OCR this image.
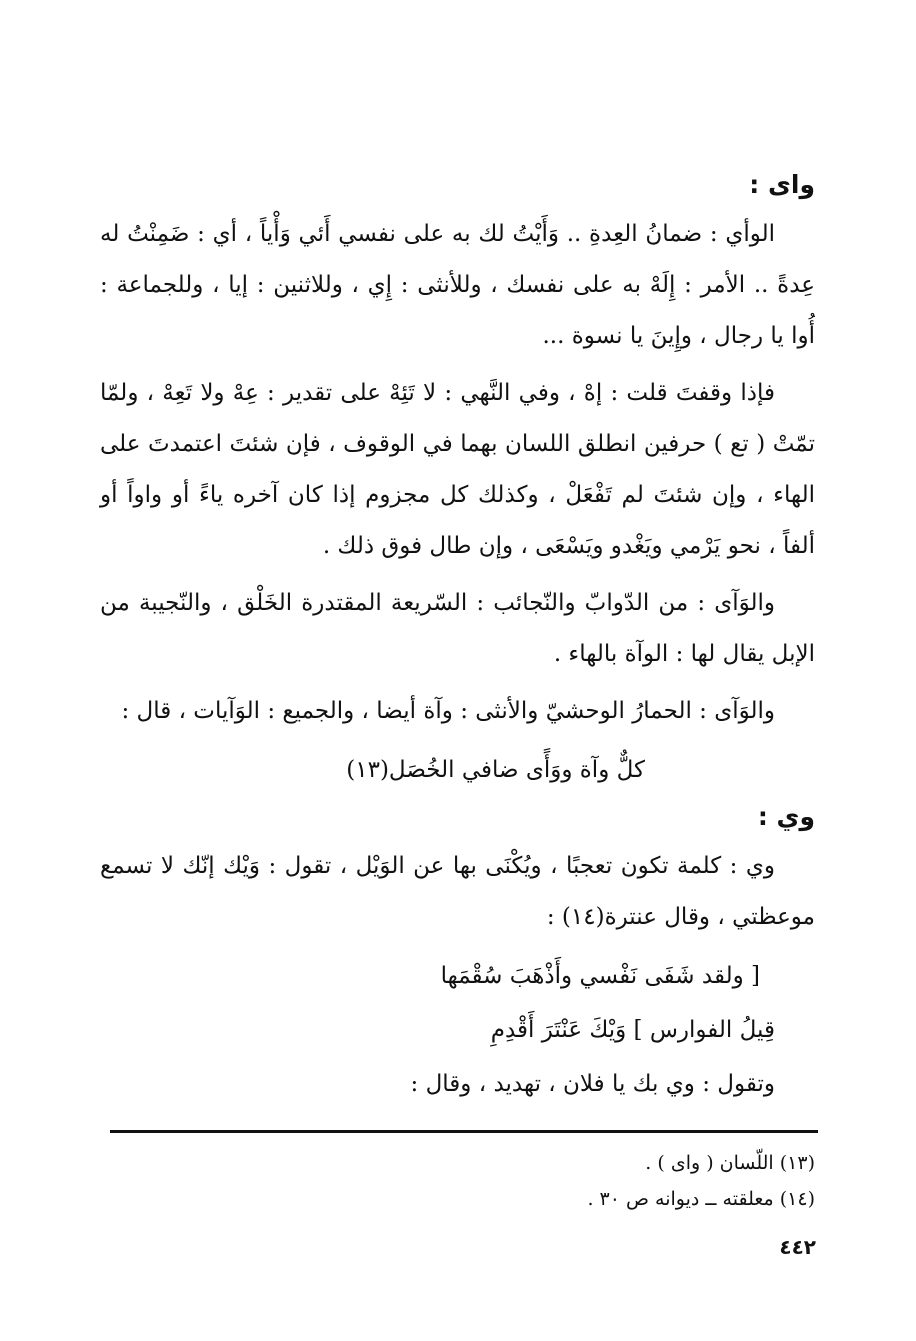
واى :

الوأي : ضمانُ العِدةِ .. وَأَيْتُ لك به على نفسي أَئي وَأْياً ، أي : ضَمِنْتُ له عِدةً .. الأمر : إِلَهْ به على نفسك ، وللأنثى : إِي ، وللاثنين : إيا ، وللجماعة : أُوا يا رجال ، وإِينَ يا نسوة ...

فإذا وقفتَ قلت : إهْ ، وفي النَّهي : لا تَئِهْ على تقدير : عِهْ ولا تَعِهْ ، ولمّا تمّتْ ( تع ) حرفين انطلق اللسان بهما في الوقوف ، فإن شئتَ اعتمدتَ على الهاء ، وإن شئتَ لم تَفْعَلْ ، وكذلك كل مجزوم إذا كان آخره ياءً أو واواً أو ألفاً ، نحو يَرْمي ويَغْدو ويَسْعَى ، وإن طال فوق ذلك .

والوَآى : من الدّوابّ والنّجائب : السّريعة المقتدرة الخَلْق ، والنّجيبة من الإبل يقال لها : الوآة بالهاء .

والوَآى : الحمارُ الوحشيّ والأنثى : وآة أيضا ، والجميع : الوَآيات ، قال :

كلٌّ وآة ووَأًى ضافي الخُصَل(١٣)

وي :

وي : كلمة تكون تعجبًا ، ويُكْنَى بها عن الوَيْل ، تقول : وَيْك إنّك لا تسمع موعظتي ، وقال عنترة(١٤) :

[ ولقد شَفَى نَفْسي وأَذْهَبَ سُقْمَها

قِيلُ الفوارس ] وَيْكَ عَنْتَرَ أَقْدِمِ

وتقول : وي بك يا فلان ، تهديد ، وقال :

(١٣) اللّسان ( واى ) .

(١٤) معلقته ــ ديوانه ص ٣٠ .

٤٤٢
